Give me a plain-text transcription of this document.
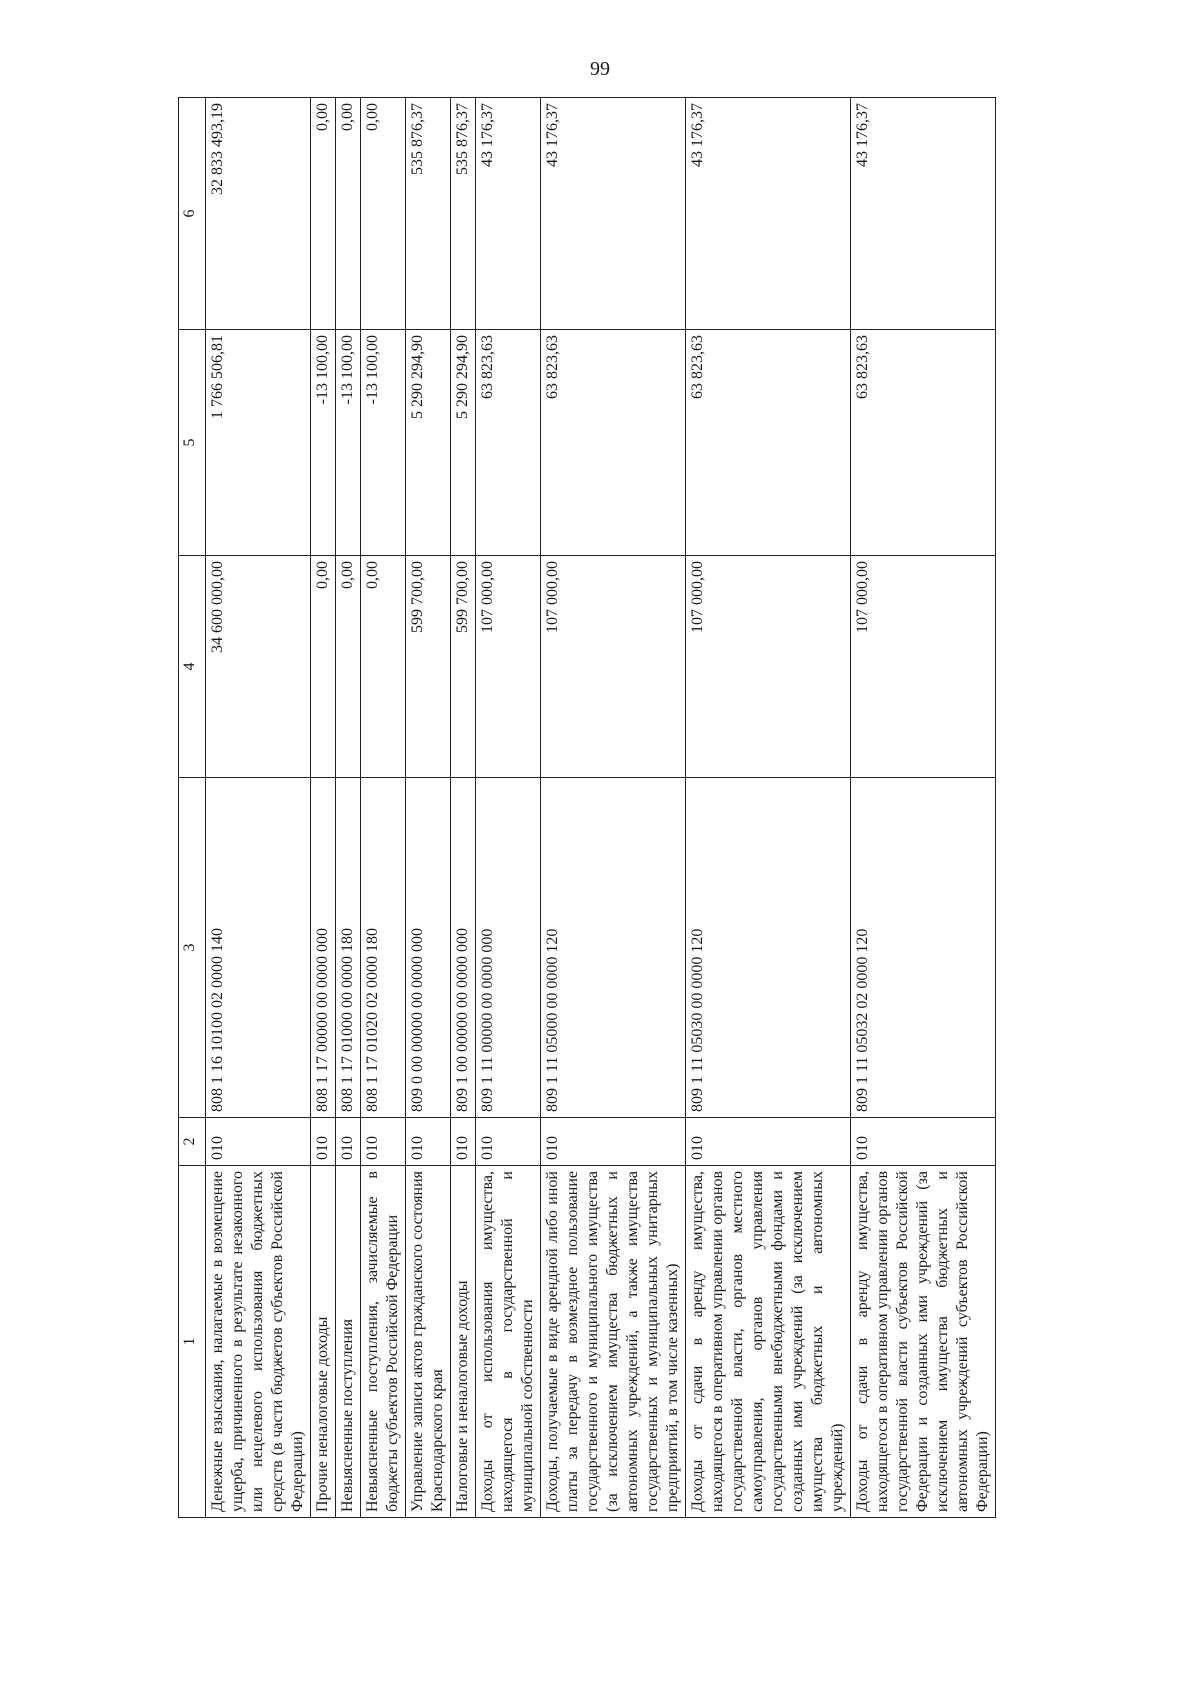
99
1	2	3	4	5	6
Денежные взыскания, налагаемые в возмещение ущерба, причиненного в результате незаконного или нецелевого использования бюджетных средств (в части бюджетов субъектов Российской Федерации)	010	808 1 16 10100 02 0000 140	34 600 000,00	1 766 506,81	32 833 493,19
Прочие неналоговые доходы	010	808 1 17 00000 00 0000 000	0,00	-13 100,00	0,00
Невыясненные поступления	010	808 1 17 01000 00 0000 180	0,00	-13 100,00	0,00
Невыясненные поступления, зачисляемые в бюджеты субъектов Российской Федерации	010	808 1 17 01020 02 0000 180	0,00	-13 100,00	0,00
Управление записи актов гражданского состояния Краснодарского края	010	809 0 00 00000 00 0000 000	599 700,00	5 290 294,90	535 876,37
Налоговые и неналоговые доходы	010	809 1 00 00000 00 0000 000	599 700,00	5 290 294,90	535 876,37
Доходы от использования имущества, находящегося в государственной и муниципальной собственности	010	809 1 11 00000 00 0000 000	107 000,00	63 823,63	43 176,37
Доходы, получаемые в виде арендной либо иной платы за передачу в возмездное пользование государственного и муниципального имущества (за исключением имущества бюджетных и автономных учреждений, а также имущества государственных и муниципальных унитарных предприятий, в том числе казенных)	010	809 1 11 05000 00 0000 120	107 000,00	63 823,63	43 176,37
Доходы от сдачи в аренду имущества, находящегося в оперативном управлении органов государственной власти, органов местного самоуправления, органов управления государственными внебюджетными фондами и созданных ими учреждений (за исключением имущества бюджетных и автономных учреждений)	010	809 1 11 05030 00 0000 120	107 000,00	63 823,63	43 176,37
Доходы от сдачи в аренду имущества, находящегося в оперативном управлении органов государственной власти субъектов Российской Федерации и созданных ими учреждений (за исключением имущества бюджетных и автономных учреждений субъектов Российской Федерации)	010	809 1 11 05032 02 0000 120	107 000,00	63 823,63	43 176,37
